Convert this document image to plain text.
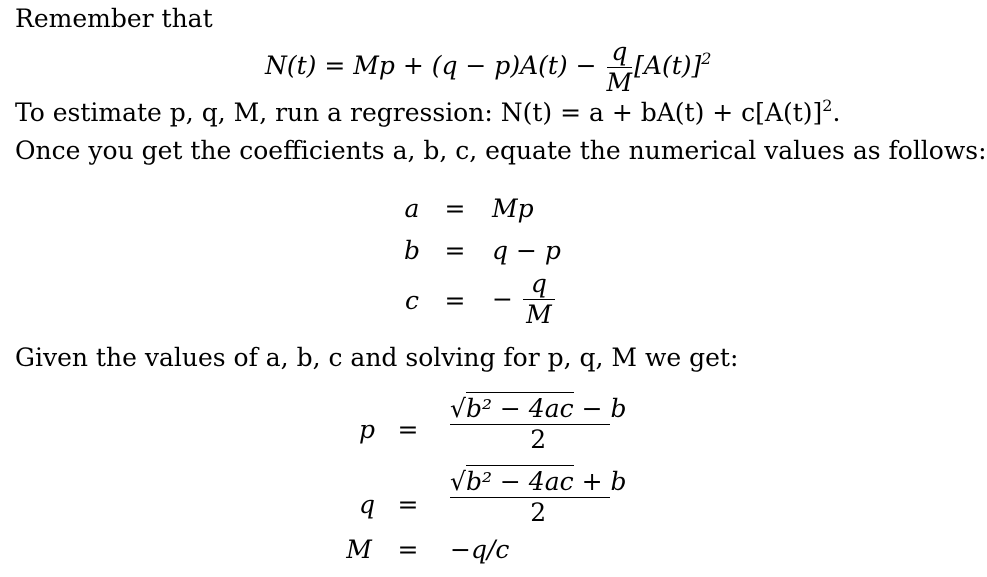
Remember that
$N(t) = Mp + (q - p)A(t) - \frac{q}{M} [A(t)]^2$
To estimate p, q, M, run a regression: $N(t) = a + bA(t) + c[A(t)]^2$.
Once you get the coefficients a, b, c, equate the numerical values as follows:
a	= Mp
b = q − p
c	= − $\frac{q}{M}$
Given the values of a, b, c and solving for p, q, M we get:
$p = \frac{\text{√b² − 4ac − b}}{2}$
$q = \frac{\text{√b² − 4ac + b}}{2}$
M	= −q/c
